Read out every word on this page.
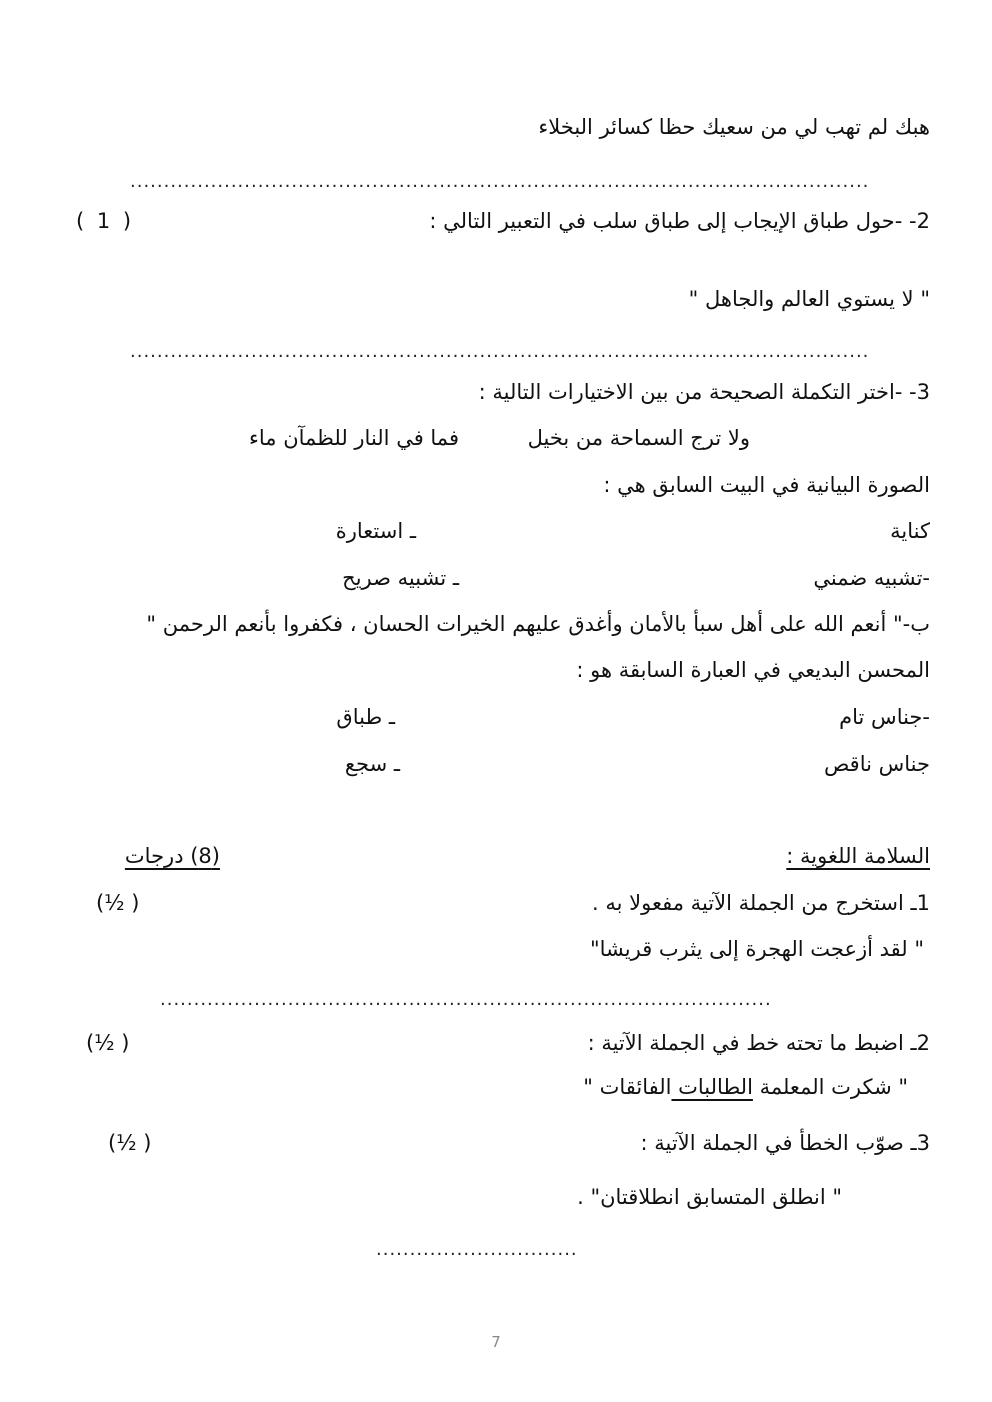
هبك لم تهب لي من سعيك حظا كسائر البخلاء
..............................................................................................................
2- -حول طباق الإيجاب إلى طباق سلب في التعبير التالي :
( 1 )
" لا يستوي العالم والجاهل "
..............................................................................................................
3- -اختر التكملة الصحيحة من بين الاختيارات التالية :
ولا ترج السماحة من بخيل
فما في النار للظمآن ماء
الصورة البيانية في البيت السابق هي :
كناية
ـ استعارة
-تشبيه ضمني
ـ تشبيه صريح
ب-" أنعم الله على أهل سبأ بالأمان وأغدق عليهم الخيرات الحسان ، فكفروا بأنعم الرحمن "
المحسن البديعي في العبارة السابقة هو :
-جناس تام
ـ طباق
جناس ناقص
ـ سجع
السلامة اللغوية :
(8) درجات
1ـ استخرج من الجملة الآتية مفعولا به .
(½ )
" لقد أزعجت الهجرة إلى يثرب قريشا"
...........................................................................................
2ـ اضبط ما تحته خط في الجملة الآتية :
(½ )
" شكرت المعلمة الطالبات الفائقات "
3ـ صوّب الخطأ في الجملة الآتية :
(½ )
" انطلق المتسابق انطلاقتان" .
..............................
7
